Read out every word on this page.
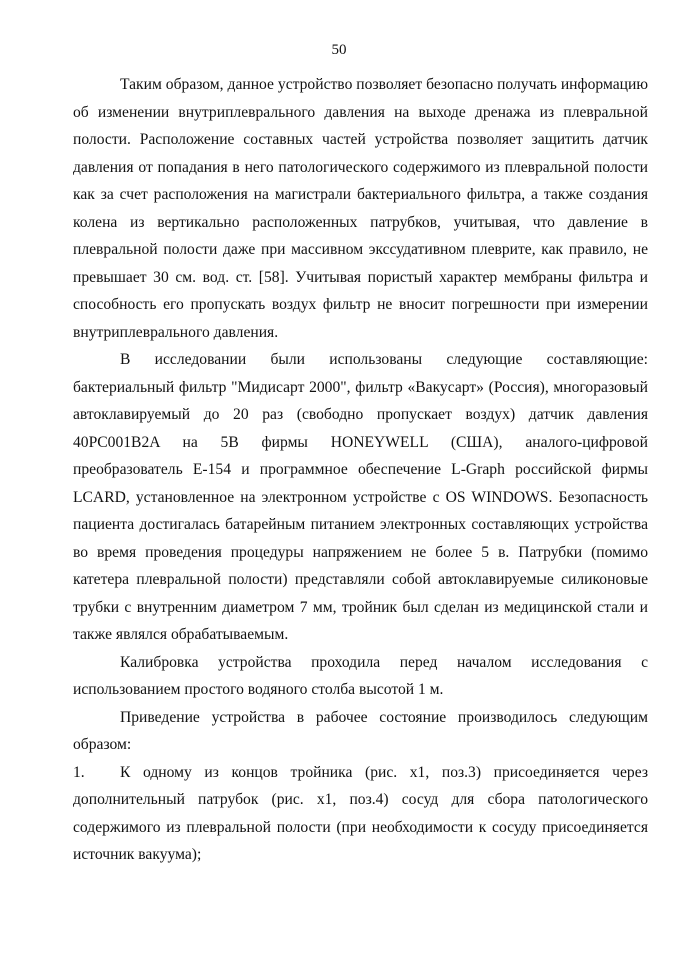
50

Таким образом, данное устройство позволяет безопасно получать информацию об изменении внутриплеврального давления на выходе дренажа из плевральной полости. Расположение составных частей устройства позволяет защитить датчик давления от попадания в него патологического содержимого из плевральной полости как за счет расположения на магистрали бактериального фильтра, а также создания колена из вертикально расположенных патрубков, учитывая, что давление в плевральной полости даже при массивном экссудативном плеврите, как правило, не превышает 30 см. вод. ст. [58]. Учитывая пористый характер мембраны фильтра и способность его пропускать воздух фильтр не вносит погрешности при измерении внутриплеврального давления.

В исследовании были использованы следующие составляющие: бактериальный фильтр "Мидисарт 2000", фильтр «Вакусарт» (Россия), многоразовый автоклавируемый до 20 раз (свободно пропускает воздух) датчик давления 40PC001B2A на 5В фирмы HONEYWELL (США), аналого-цифровой преобразователь E-154 и программное обеспечение L-Graph российской фирмы LCARD, установленное на электронном устройстве с OS WINDOWS. Безопасность пациента достигалась батарейным питанием электронных составляющих устройства во время проведения процедуры напряжением не более 5 в. Патрубки (помимо катетера плевральной полости) представляли собой автоклавируемые силиконовые трубки с внутренним диаметром 7 мм, тройник был сделан из медицинской стали и также являлся обрабатываемым.

Калибровка устройства проходила перед началом исследования с использованием простого водяного столба высотой 1 м.

Приведение устройства в рабочее состояние производилось следующим образом:

1. К одному из концов тройника (рис. х1, поз.3) присоединяется через дополнительный патрубок (рис. х1, поз.4) сосуд для сбора патологического содержимого из плевральной полости (при необходимости к сосуду присоединяется источник вакуума);
